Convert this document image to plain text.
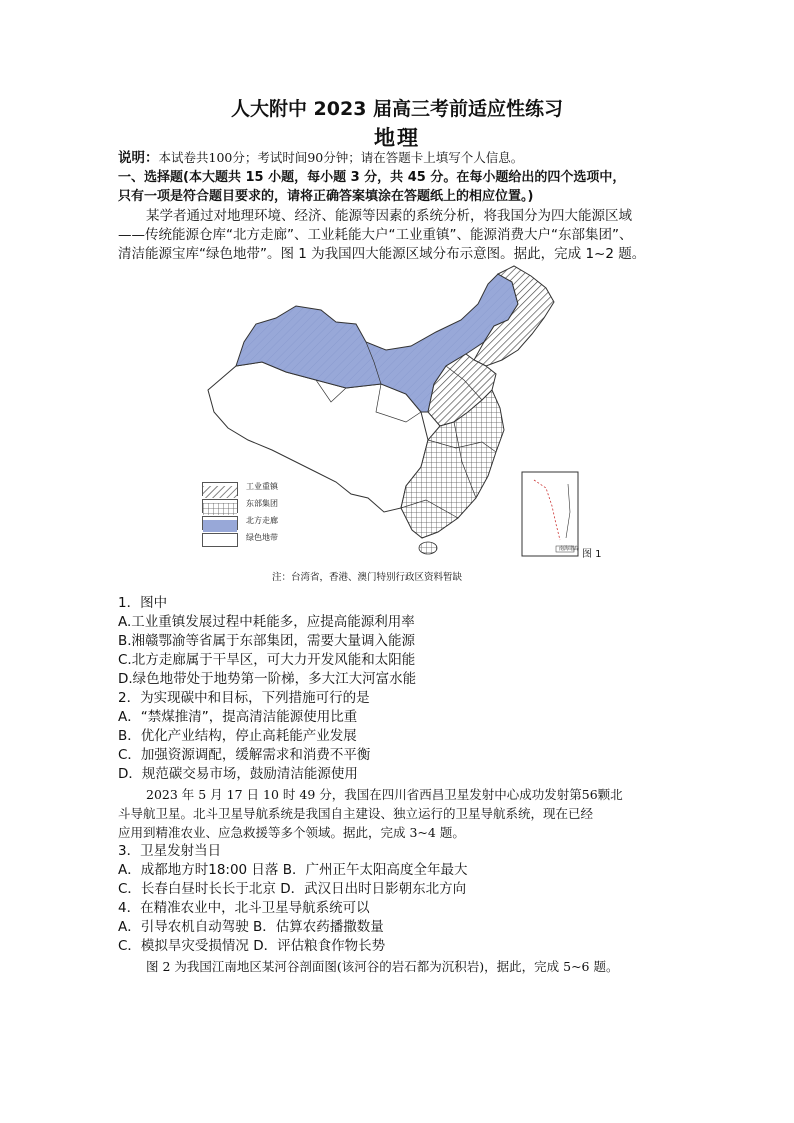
人大附中 2023 届高三考前适应性练习
地理
说明：本试卷共100分；考试时间90分钟；请在答题卡上填写个人信息。
一、选择题(本大题共 15 小题，每小题 3 分，共 45 分。在每小题给出的四个选项中，
只有一项是符合题目要求的，请将正确答案填涂在答题纸上的相应位置。)
某学者通过对地理环境、经济、能源等因素的系统分析，将我国分为四大能源区域
——传统能源仓库“北方走廊”、工业耗能大户“工业重镇”、能源消费大户“东部集团”、
清洁能源宝库“绿色地带”。图 1 为我国四大能源区域分布示意图。据此，完成 1~2 题。
工业重镇
东部集团
北方走廊
绿色地带
南海诸岛 图 1
注：台湾省，香港、澳门特别行政区资料暂缺
1．图中
A.工业重镇发展过程中耗能多，应提高能源利用率
B.湘赣鄂渝等省属于东部集团，需要大量调入能源
C.北方走廊属于干旱区，可大力开发风能和太阳能
D.绿色地带处于地势第一阶梯，多大江大河富水能
2．为实现碳中和目标，下列措施可行的是
A．“禁煤推清”，提高清洁能源使用比重
B．优化产业结构，停止高耗能产业发展
C．加强资源调配，缓解需求和消费不平衡
D．规范碳交易市场，鼓励清洁能源使用
2023 年 5 月 17 日 10 时 49 分，我国在四川省西昌卫星发射中心成功发射第56颗北
斗导航卫星。北斗卫星导航系统是我国自主建设、独立运行的卫星导航系统，现在已经
应用到精准农业、应急救援等多个领域。据此，完成 3~4 题。
3．卫星发射当日
A．成都地方时18:00 日落 B．广州正午太阳高度全年最大
C．长春白昼时长长于北京 D．武汉日出时日影朝东北方向
4．在精准农业中，北斗卫星导航系统可以
A．引导农机自动驾驶 B．估算农药播撒数量
C．模拟旱灾受损情况 D．评估粮食作物长势
图 2 为我国江南地区某河谷剖面图(该河谷的岩石都为沉积岩)，据此，完成 5~6 题。
